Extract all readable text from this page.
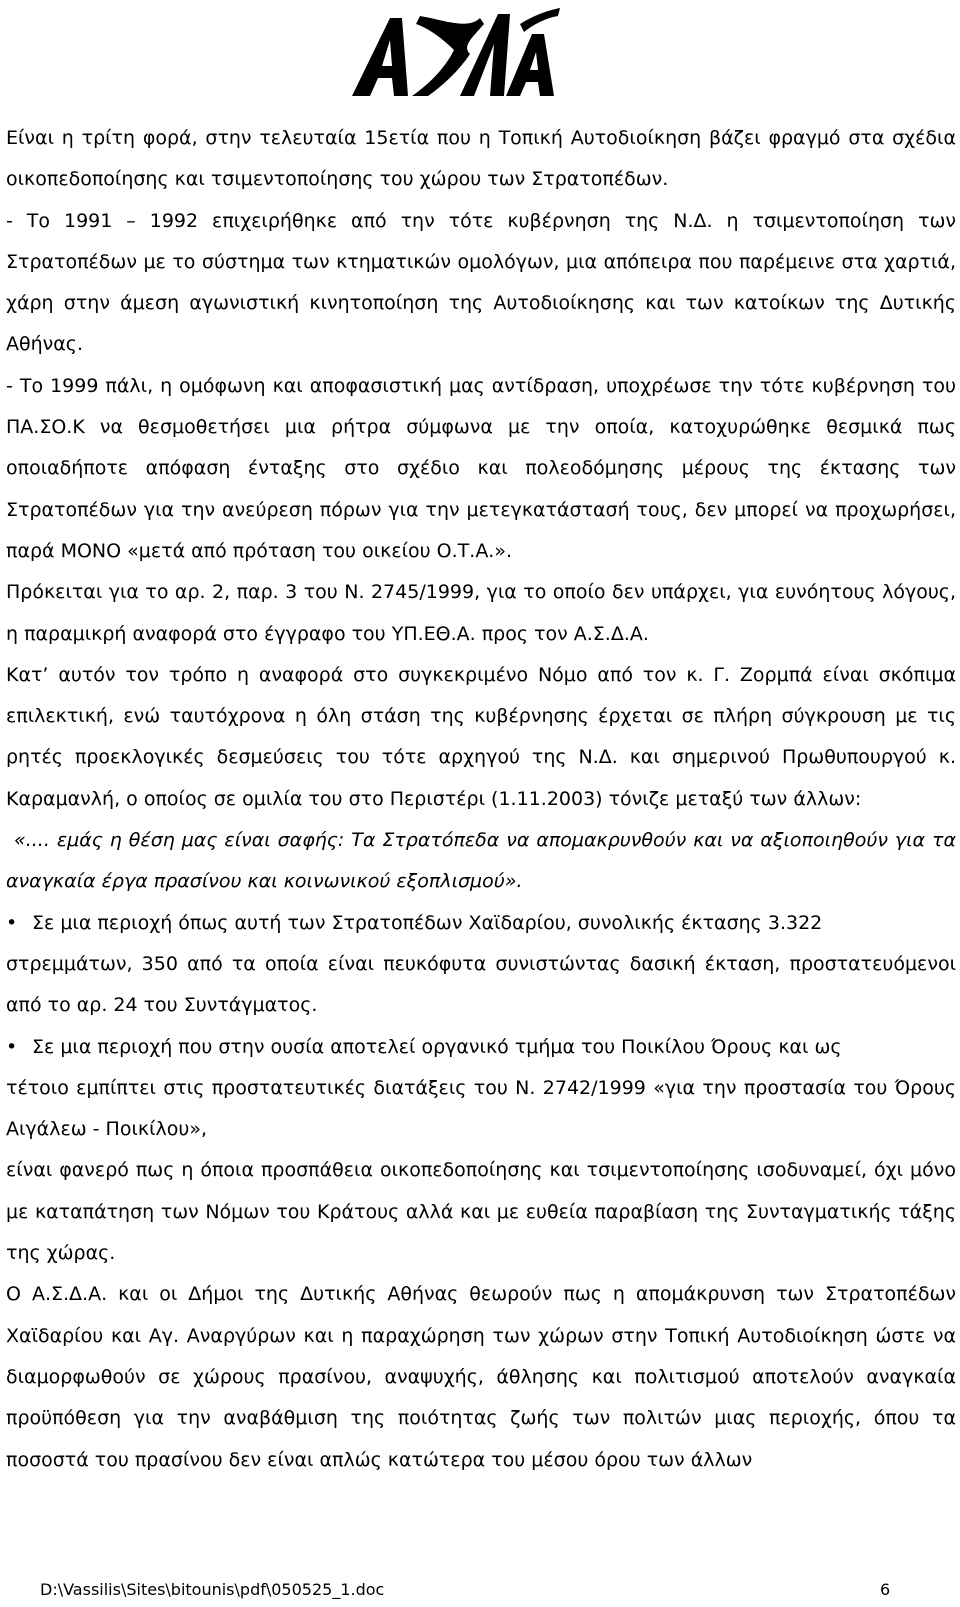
Είναι η τρίτη φορά, στην τελευταία 15ετία που η Τοπική Αυτοδιοίκηση βάζει φραγμό στα σχέδια οικοπεδοποίησης και τσιμεντοποίησης του χώρου των Στρατοπέδων.

- Το 1991 – 1992 επιχειρήθηκε από την τότε κυβέρνηση της Ν.Δ. η τσιμεντοποίηση των Στρατοπέδων με το σύστημα των κτηματικών ομολόγων, μια απόπειρα που παρέμεινε στα χαρτιά, χάρη στην άμεση αγωνιστική κινητοποίηση της Αυτοδιοίκησης και των κατοίκων της Δυτικής Αθήνας.

- Το 1999 πάλι, η ομόφωνη και αποφασιστική μας αντίδραση, υποχρέωσε την τότε κυβέρνηση του ΠΑ.ΣΟ.Κ να θεσμοθετήσει μια ρήτρα σύμφωνα με την οποία, κατοχυρώθηκε θεσμικά πως οποιαδήποτε απόφαση ένταξης στο σχέδιο και πολεοδόμησης μέρους της έκτασης των Στρατοπέδων για την ανεύρεση πόρων για την μετεγκατάστασή τους, δεν μπορεί να προχωρήσει, παρά ΜΟΝΟ «μετά από πρόταση του οικείου Ο.Τ.Α.».

Πρόκειται για το αρ. 2, παρ. 3 του Ν. 2745/1999, για το οποίο δεν υπάρχει, για ευνόητους λόγους, η παραμικρή αναφορά στο έγγραφο του ΥΠ.ΕΘ.Α. προς τον Α.Σ.Δ.Α.

Κατ’ αυτόν τον τρόπο η αναφορά στο συγκεκριμένο Νόμο από τον κ. Γ. Ζορμπά είναι σκόπιμα επιλεκτική, ενώ ταυτόχρονα η όλη στάση της κυβέρνησης έρχεται σε πλήρη σύγκρουση με τις ρητές προεκλογικές δεσμεύσεις του τότε αρχηγού της Ν.Δ. και σημερινού Πρωθυπουργού κ. Καραμανλή, ο οποίος σε ομιλία του στο Περιστέρι (1.11.2003) τόνιζε μεταξύ των άλλων:

«.... εμάς η θέση μας είναι σαφής: Τα Στρατόπεδα να απομακρυνθούν και να αξιοποιηθούν για τα αναγκαία έργα πρασίνου και κοινωνικού εξοπλισμού».

• Σε μια περιοχή όπως αυτή των Στρατοπέδων Χαϊδαρίου, συνολικής έκτασης 3.322

στρεμμάτων, 350 από τα οποία είναι πευκόφυτα συνιστώντας δασική έκταση, προστατευόμενοι από το αρ. 24 του Συντάγματος.

• Σε μια περιοχή που στην ουσία αποτελεί οργανικό τμήμα του Ποικίλου Όρους και ως

τέτοιο εμπίπτει στις προστατευτικές διατάξεις του Ν. 2742/1999 «για την προστασία του Όρους Αιγάλεω - Ποικίλου»,

είναι φανερό πως η όποια προσπάθεια οικοπεδοποίησης και τσιμεντοποίησης ισοδυναμεί, όχι μόνο με καταπάτηση των Νόμων του Κράτους αλλά και με ευθεία παραβίαση της Συνταγματικής τάξης της χώρας.

Ο Α.Σ.Δ.Α. και οι Δήμοι της Δυτικής Αθήνας θεωρούν πως η απομάκρυνση των Στρατοπέδων Χαϊδαρίου και Αγ. Αναργύρων και η παραχώρηση των χώρων στην Τοπική Αυτοδιοίκηση ώστε να διαμορφωθούν σε χώρους πρασίνου, αναψυχής, άθλησης και πολιτισμού αποτελούν αναγκαία προϋπόθεση για την αναβάθμιση της ποιότητας ζωής των πολιτών μιας περιοχής, όπου τα ποσοστά του πρασίνου δεν είναι απλώς κατώτερα του μέσου όρου των άλλων

D:\Vassilis\Sites\bitounis\pdf\050525_1.doc	6
